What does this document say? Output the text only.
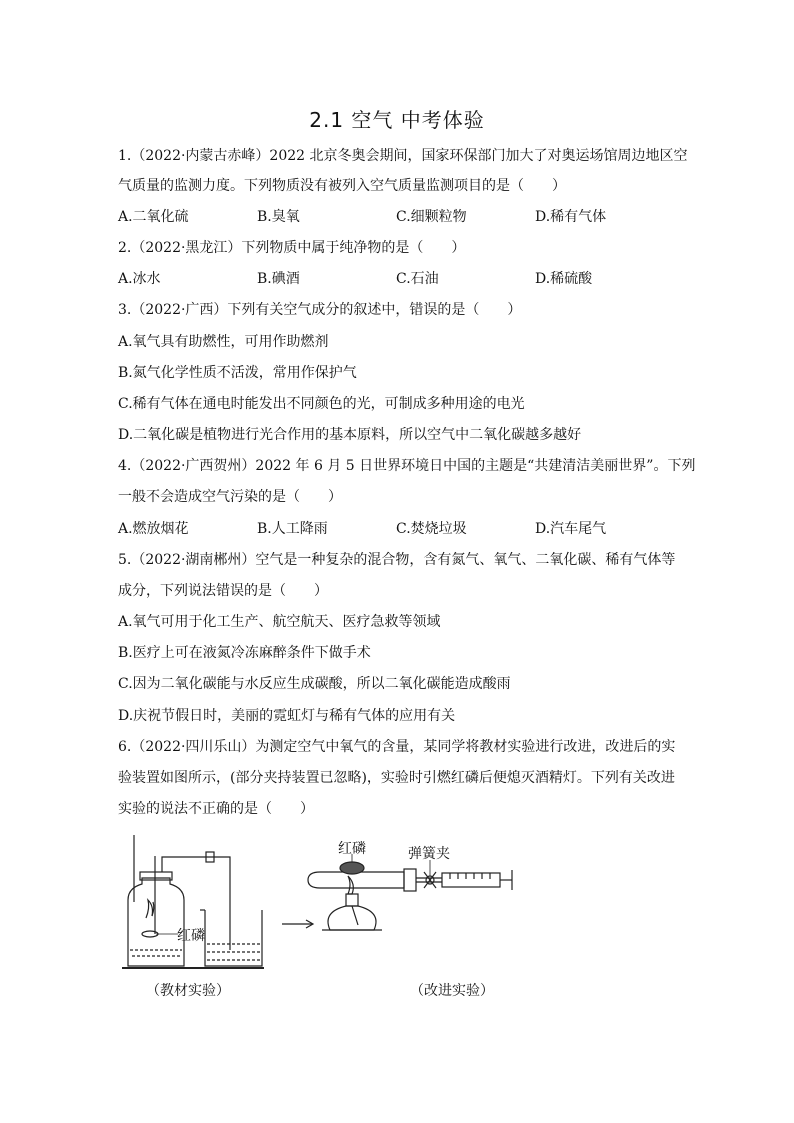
2.1 空气 中考体验
1.（2022·内蒙古赤峰）2022 北京冬奥会期间，国家环保部门加大了对奥运场馆周边地区空
气质量的监测力度。下列物质没有被列入空气质量监测项目的是（　　）
A.二氧化硫	B.臭氧	C.细颗粒物	D.稀有气体
2.（2022·黑龙江）下列物质中属于纯净物的是（　　）
A.冰水	B.碘酒	C.石油	D.稀硫酸
3.（2022·广西）下列有关空气成分的叙述中，错误的是（　　）
A.氧气具有助燃性，可用作助燃剂
B.氮气化学性质不活泼，常用作保护气
C.稀有气体在通电时能发出不同颜色的光，可制成多种用途的电光
D.二氧化碳是植物进行光合作用的基本原料，所以空气中二氧化碳越多越好
4.（2022·广西贺州）2022 年 6 月 5 日世界环境日中国的主题是“共建清洁美丽世界”。下列
一般不会造成空气污染的是（　　）
A.燃放烟花	B.人工降雨	C.焚烧垃圾	D.汽车尾气
5.（2022·湖南郴州）空气是一种复杂的混合物，含有氮气、氧气、二氧化碳、稀有气体等
成分，下列说法错误的是（　　）
A.氧气可用于化工生产、航空航天、医疗急救等领域
B.医疗上可在液氮冷冻麻醉条件下做手术
C.因为二氧化碳能与水反应生成碳酸，所以二氧化碳能造成酸雨
D.庆祝节假日时，美丽的霓虹灯与稀有气体的应用有关
6.（2022·四川乐山）为测定空气中氧气的含量，某同学将教材实验进行改进，改进后的实
验装置如图所示，(部分夹持装置已忽略)，实验时引燃红磷后便熄灭酒精灯。下列有关改进
实验的说法不正确的是（　　）
红磷
红磷	弹簧夹
（教材实验）	（改进实验）
